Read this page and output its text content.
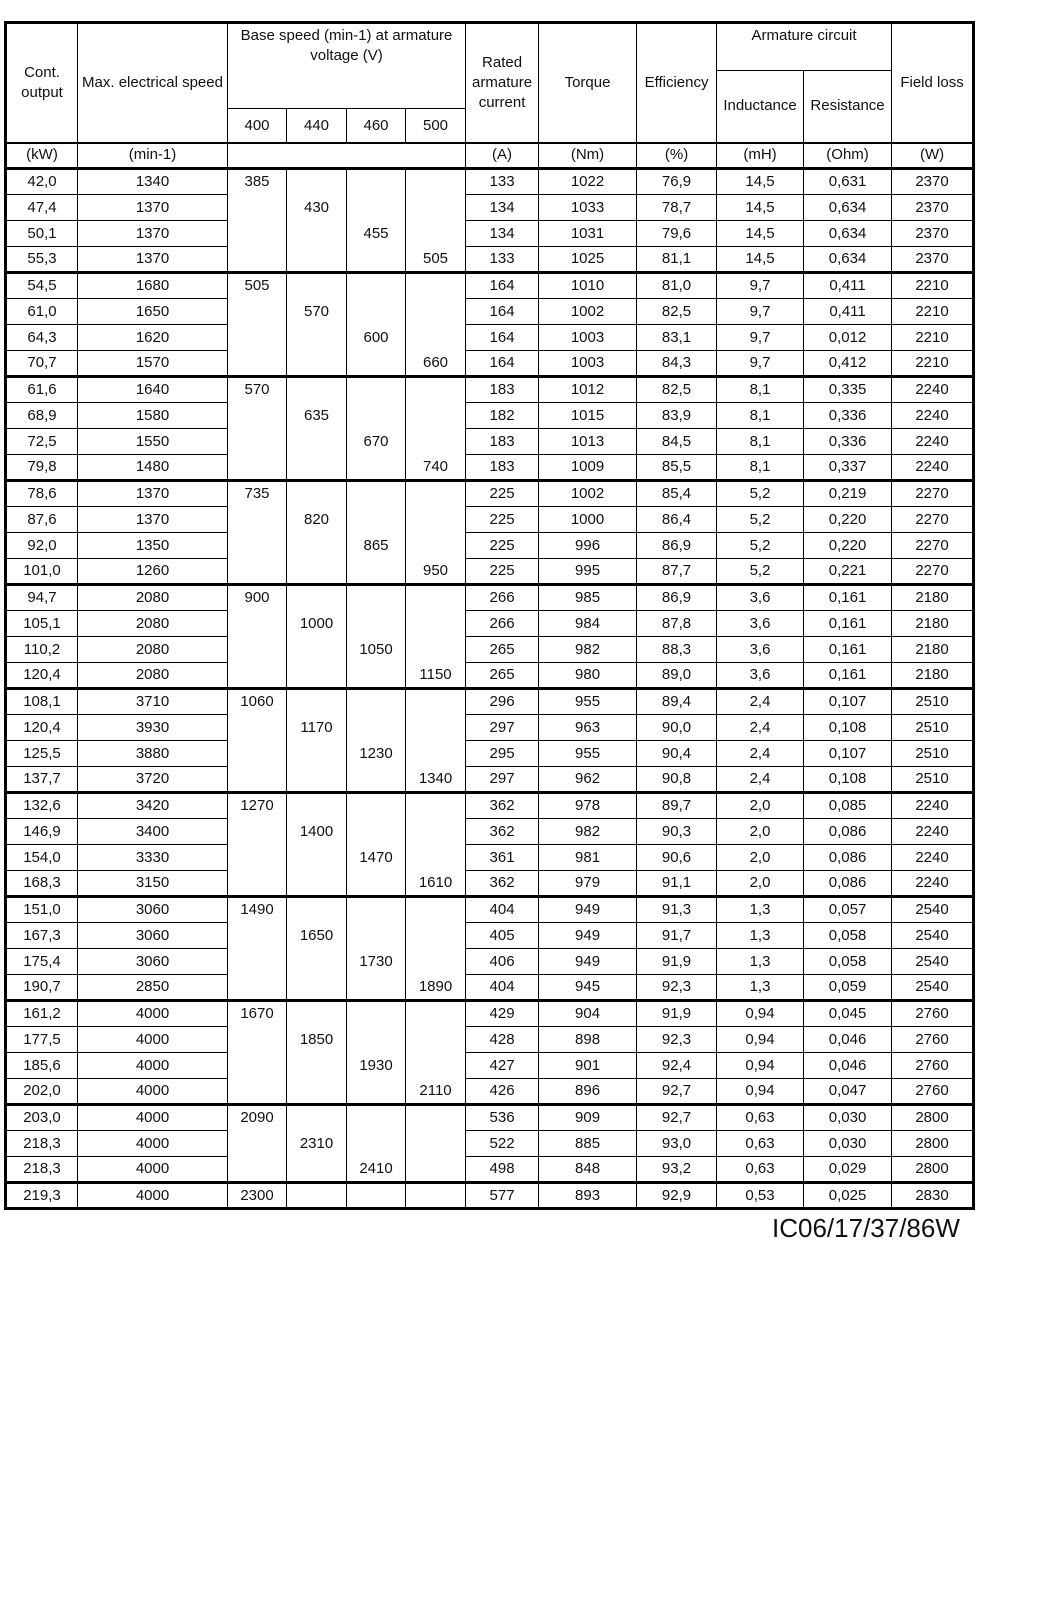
Cont. output	Max. electrical speed	Base speed (min-1) at armature voltage (V)				Rated armature current	Torque	Efficiency	Armature circuit		Field loss
									Inductance	Resistance	
		400	440	460	500						
(kW)	(min-1)					(A)	(Nm)	(%)	(mH)	(Ohm)	(W)
42,0	1340	385				133	1022	76,9	14,5	0,631	2370
47,4	1370		430			134	1033	78,7	14,5	0,634	2370
50,1	1370			455		134	1031	79,6	14,5	0,634	2370
55,3	1370				505	133	1025	81,1	14,5	0,634	2370
54,5	1680	505				164	1010	81,0	9,7	0,411	2210
61,0	1650		570			164	1002	82,5	9,7	0,411	2210
64,3	1620			600		164	1003	83,1	9,7	0,012	2210
70,7	1570				660	164	1003	84,3	9,7	0,412	2210
61,6	1640	570				183	1012	82,5	8,1	0,335	2240
68,9	1580		635			182	1015	83,9	8,1	0,336	2240
72,5	1550			670		183	1013	84,5	8,1	0,336	2240
79,8	1480				740	183	1009	85,5	8,1	0,337	2240
78,6	1370	735				225	1002	85,4	5,2	0,219	2270
87,6	1370		820			225	1000	86,4	5,2	0,220	2270
92,0	1350			865		225	996	86,9	5,2	0,220	2270
101,0	1260				950	225	995	87,7	5,2	0,221	2270
94,7	2080	900				266	985	86,9	3,6	0,161	2180
105,1	2080		1000			266	984	87,8	3,6	0,161	2180
110,2	2080			1050		265	982	88,3	3,6	0,161	2180
120,4	2080				1150	265	980	89,0	3,6	0,161	2180
108,1	3710	1060				296	955	89,4	2,4	0,107	2510
120,4	3930		1170			297	963	90,0	2,4	0,108	2510
125,5	3880			1230		295	955	90,4	2,4	0,107	2510
137,7	3720				1340	297	962	90,8	2,4	0,108	2510
132,6	3420	1270				362	978	89,7	2,0	0,085	2240
146,9	3400		1400			362	982	90,3	2,0	0,086	2240
154,0	3330			1470		361	981	90,6	2,0	0,086	2240
168,3	3150				1610	362	979	91,1	2,0	0,086	2240
151,0	3060	1490				404	949	91,3	1,3	0,057	2540
167,3	3060		1650			405	949	91,7	1,3	0,058	2540
175,4	3060			1730		406	949	91,9	1,3	0,058	2540
190,7	2850				1890	404	945	92,3	1,3	0,059	2540
161,2	4000	1670				429	904	91,9	0,94	0,045	2760
177,5	4000		1850			428	898	92,3	0,94	0,046	2760
185,6	4000			1930		427	901	92,4	0,94	0,046	2760
202,0	4000				2110	426	896	92,7	0,94	0,047	2760
203,0	4000	2090				536	909	92,7	0,63	0,030	2800
218,3	4000		2310			522	885	93,0	0,63	0,030	2800
218,3	4000			2410		498	848	93,2	0,63	0,029	2800
219,3	4000	2300				577	893	92,9	0,53	0,025	2830
IC06/17/37/86W
